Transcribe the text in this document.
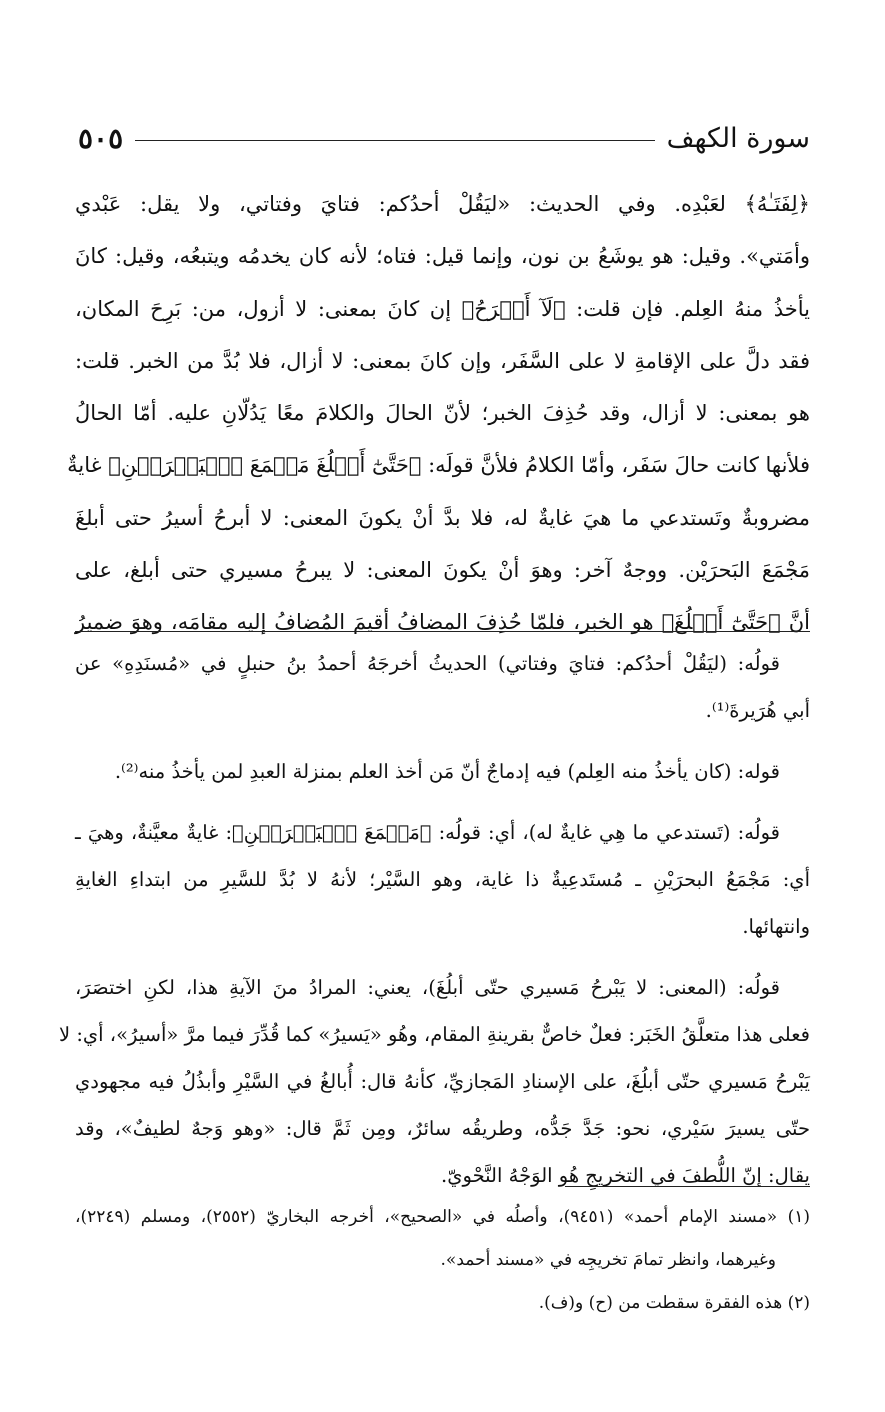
سورة الكهف
٥٠٥

﴿لِفَتَـٰهُ﴾ لعَبْدِه. وفي الحديث: «ليَقُلْ أحدُكم: فتايَ وفتاتي، ولا يقل: عَبْدي

وأمَتي». وقيل: هو يوشَعُ بن نون، وإنما قيل: فتاه؛ لأنه كان يخدمُه ويتبعُه، وقيل: كانَ

يأخذُ منهُ العِلم. فإن قلت: ﴿لَآ أَبۡرَحُ﴾ إن كانَ بمعنى: لا أزول، من: بَرِحَ المكان،

فقد دلَّ على الإقامةِ لا على السَّفَر، وإن كانَ بمعنى: لا أزال، فلا بُدَّ من الخبر. قلت:

هو بمعنى: لا أزال، وقد حُذِفَ الخبر؛ لأنّ الحالَ والكلامَ معًا يَدُلّانِ عليه. أمّا الحالُ

فلأنها كانت حالَ سَفَر، وأمّا الكلامُ فلأنَّ قولَه: ﴿حَتَّىٰٓ أَبۡلُغَ مَجۡمَعَ ٱلۡبَحۡرَيۡنِ﴾ غايةٌ

مضروبةٌ وتَستدعي ما هيَ غايةٌ له، فلا بدَّ أنْ يكونَ المعنى: لا أبرحُ أسيرُ حتى أبلغَ

مَجْمَعَ البَحرَيْن. ووجهٌ آخر: وهوَ أنْ يكونَ المعنى: لا يبرحُ مسيري حتى أبلغ، على

أنَّ ﴿حَتَّىٰٓ أَبۡلُغَ﴾ هو الخبر، فلمّا حُذِفَ المضافُ أقيمَ المُضافُ إليه مقامَه، وهوَ ضميرُ

قولُه: (ليَقُلْ أحدُكم: فتايَ وفتاتي) الحديثُ أخرجَهُ أحمدُ بنُ حنبلٍ في «مُسنَدِهِ» عن

أبي هُرَيرةَ⁽¹⁾.

قوله: (كان يأخذُ منه العِلم) فيه إدماجٌ أنّ مَن أخذ العلم بمنزلة العبدِ لمن يأخذُ منه⁽²⁾.

قولُه: (تَستدعي ما هِي غايةٌ له)، أي: قولُه: ﴿مَجۡمَعَ ٱلۡبَحۡرَيۡنِ﴾: غايةٌ معيَّنةٌ، وهيَ ـ

أي: مَجْمَعُ البحرَيْنِ ـ مُستَدعِيةٌ ذا غاية، وهو السَّيْر؛ لأنهُ لا بُدَّ للسَّيرِ من ابتداءِ الغايةِ

وانتهائها.

قولُه: (المعنى: لا يَبْرحُ مَسيري حتّى أبلُغَ)، يعني: المرادُ منَ الآيةِ هذا، لكنِ اختصَرَ،

فعلى هذا متعلَّقُ الخَبَر: فعلٌ خاصٌّ بقرينةِ المقام، وهُو «يَسيرُ» كما قُدِّرَ فيما مرَّ «أسيرُ»، أي: لا

يَبْرحُ مَسيري حتّى أبلُغَ، على الإسنادِ المَجازيِّ، كأنهُ قال: أُبالغُ في السَّيْرِ وأبذُلُ فيه مجهودي

حتّى يسيرَ سَيْري، نحو: جَدَّ جَدُّه، وطريقُه سائرٌ، ومِن ثَمَّ قال: «وهو وَجهٌ لطيفٌ»، وقد

يقال: إنّ اللُّطفَ في التخريجِ هُو الوَجْهُ النَّحْويّ.

(١) «مسند الإمام أحمد» (٩٤٥١)، وأصلُه في «الصحيح»، أخرجه البخاريّ (٢٥٥٢)، ومسلم (٢٢٤٩)،

وغيرهما، وانظر تمامَ تخريجِه في «مسند أحمد».

(٢) هذه الفقرة سقطت من (ح) و(ف).
